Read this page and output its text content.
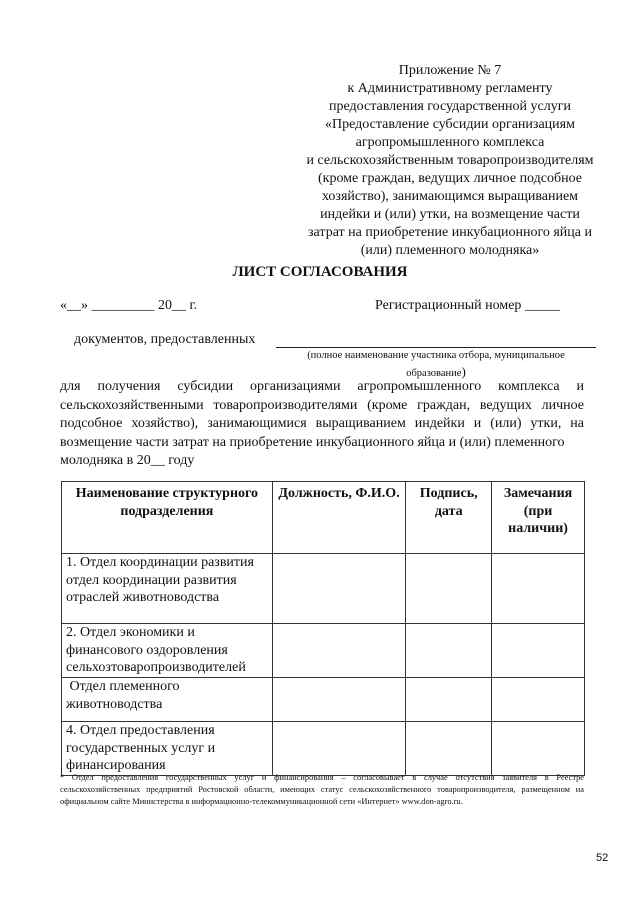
Приложение № 7
к Административному регламенту
предоставления государственной услуги
«Предоставление субсидии организациям
агропромышленного комплекса
и сельскохозяйственным товаропроизводителям
(кроме граждан, ведущих личное подсобное
хозяйство), занимающимся выращиванием
индейки и (или) утки, на возмещение части
затрат на приобретение инкубационного яйца и
(или) племенного молодняка»
ЛИСТ СОГЛАСОВАНИЯ
«__» _________ 20__ г.	Регистрационный номер _____
документов, предоставленных
(полное наименование участника отбора, муниципальное
образование)
для получения субсидии организациями агропромышленного комплекса и сельскохозяйственными товаропроизводителями (кроме граждан, ведущих личное подсобное хозяйство), занимающимися выращиванием индейки и (или) утки, на возмещение части затрат на приобретение инкубационного яйца и (или) племенного
молодняка в 20__ году
Наименование структурного подразделения	Должность, Ф.И.О.	Подпись, дата	Замечания (при наличии)
1. Отдел координации развития отдел координации развития отраслей животноводства			
2. Отдел экономики и финансового оздоровления сельхозтоваропроизводителей			
Отдел племенного животноводства			
4. Отдел предоставления государственных услуг и финансирования			
* Отдел предоставления государственных услуг и финансирования – согласовывает в случае отсутствия заявителя в Реестре сельскохозяйственных предприятий Ростовской области, имеющих статус сельскохозяйственного товаропроизводителя, размещенном на официальном сайте Министерства в информационно-телекоммуникационной сети «Интернет» www.don-agro.ru.
52
